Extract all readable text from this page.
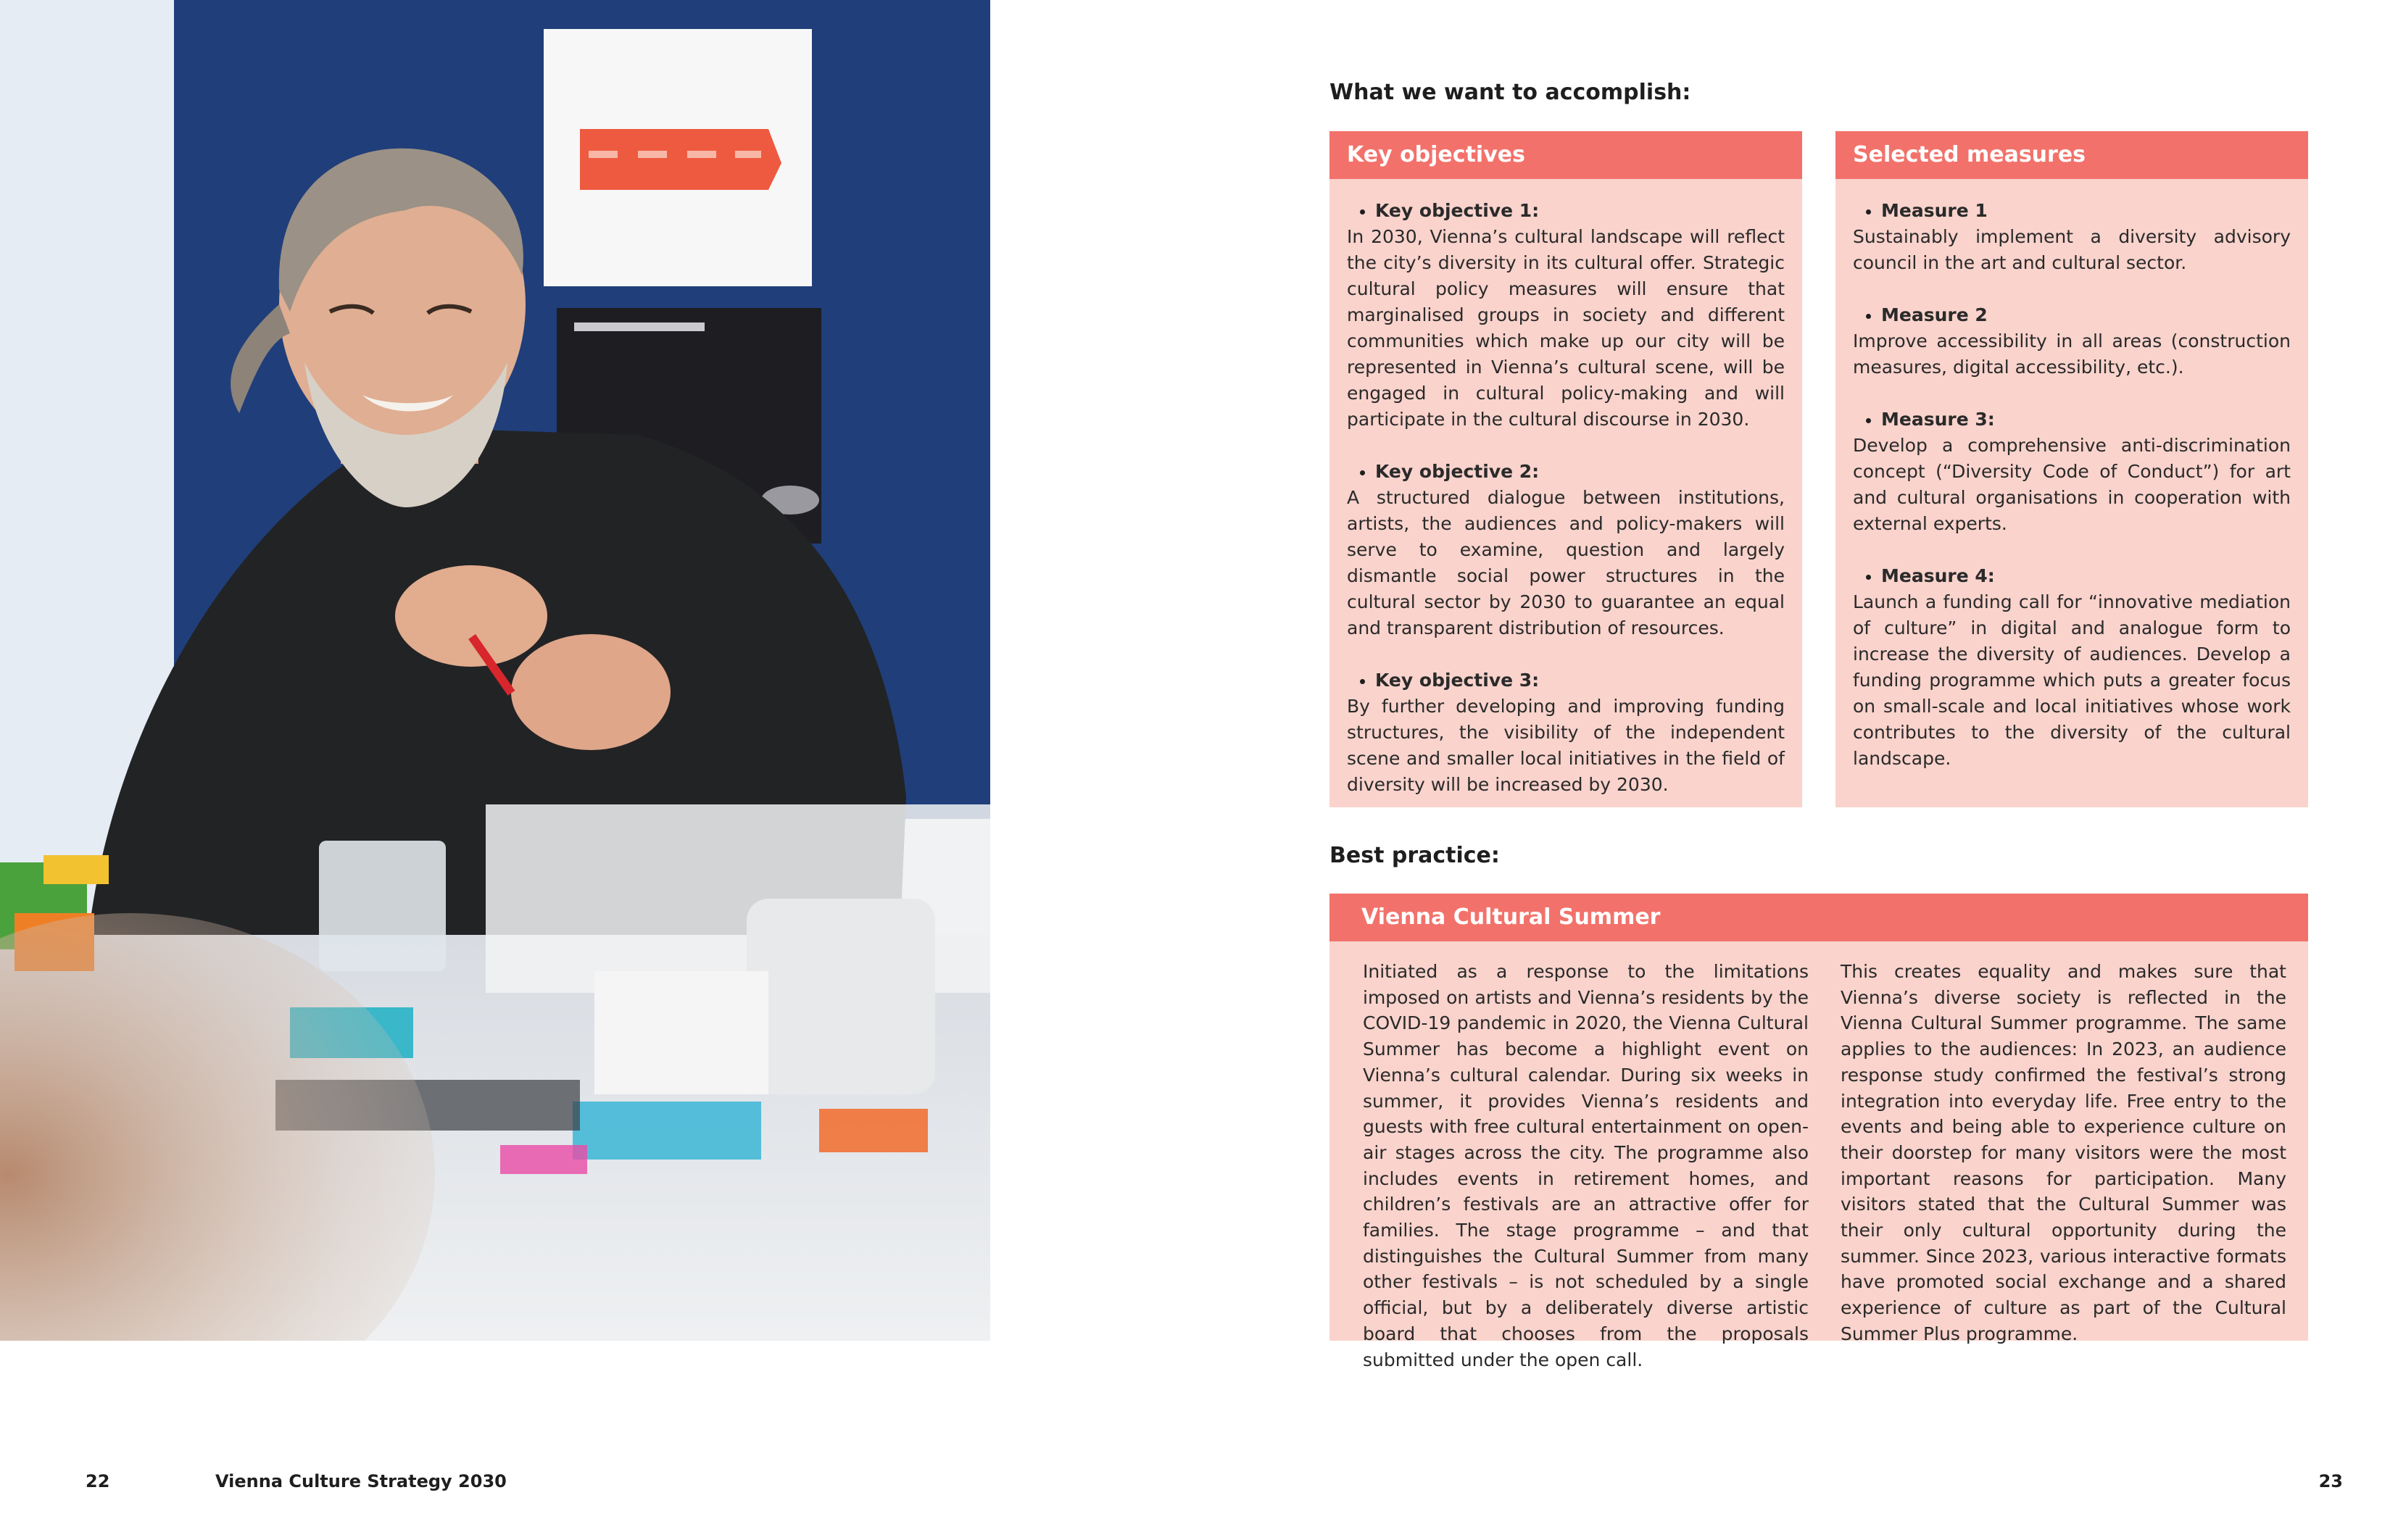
What we want to accomplish:
Key objectives
Key objective 1:
In 2030, Vienna’s cultural landscape will reflect the city’s diversity in its cultural offer. Strategic cultural policy measures will ensure that marginalised groups in society and different communities which make up our city will be represented in Vienna’s cultural scene, will be engaged in cultural policy-making and will participate in the cultural discourse in 2030.
Key objective 2:
A structured dialogue between institutions, artists, the audiences and policy-makers will serve to examine, question and largely dismantle social power structures in the cultural sector by 2030 to guarantee an equal and transparent distribution of resources.
Key objective 3:
By further developing and improving funding structures, the visibility of the independent scene and smaller local initiatives in the field of diversity will be increased by 2030.
Selected measures
Measure 1
Sustainably implement a diversity advisory council in the art and cultural sector.
Measure 2
Improve accessibility in all areas (construction measures, digital accessibility, etc.).
Measure 3:
Develop a comprehensive anti-discrimination concept (“Diversity Code of Conduct”) for art and cultural organisations in cooperation with external experts.
Measure 4:
Launch a funding call for “innovative mediation of culture” in digital and analogue form to increase the diversity of audiences. Develop a funding programme which puts a greater focus on small-scale and local initiatives whose work contributes to the diversity of the cultural landscape.
Best practice:
Vienna Cultural Summer

Initiated as a response to the limitations imposed on artists and Vienna’s residents by the COVID-19 pandemic in 2020, the Vienna Cultural Summer has become a highlight event on Vienna’s cultural calendar. During six weeks in summer, it provides Vienna’s residents and guests with free cultural entertainment on open-air stages across the city. The programme also includes events in retirement homes, and children’s festivals are an attractive offer for families. The stage programme – and that distinguishes the Cultural Summer from many other festivals – is not scheduled by a single official, but by a deliberately diverse artistic board that chooses from the proposals submitted under the open call.

This creates equality and makes sure that Vienna’s diverse society is reflected in the Vienna Cultural Summer programme. The same applies to the audiences: In 2023, an audience response study confirmed the festival’s strong integration into everyday life. Free entry to the events and being able to experience culture on their doorstep for many visitors were the most important reasons for participation. Many visitors stated that the Cultural Summer was their only cultural opportunity during the summer. Since 2023, various interactive formats have promoted social exchange and a shared experience of culture as part of the Cultural Summer Plus programme.

22	Vienna Culture Strategy 2030	23
